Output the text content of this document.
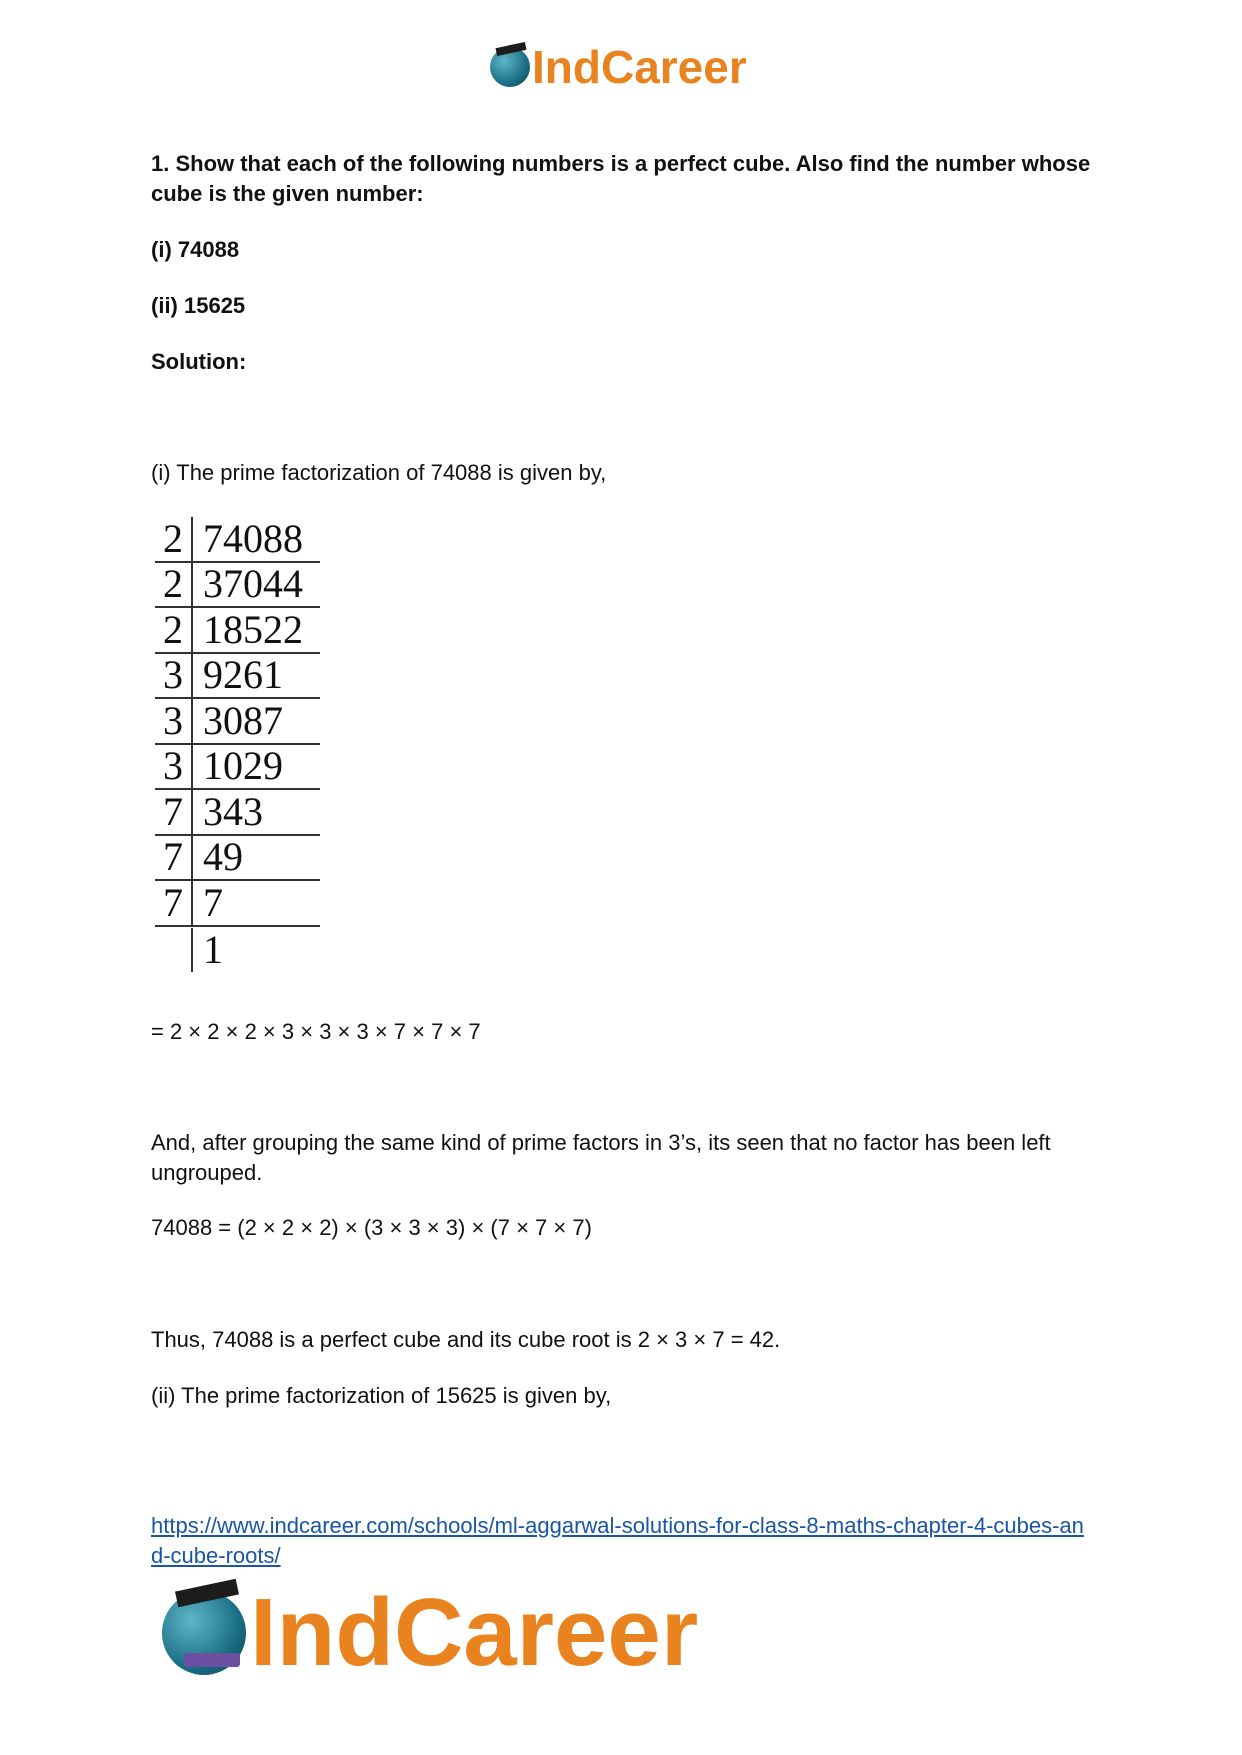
IndCareer

1. Show that each of the following numbers is a perfect cube. Also find the number whose cube is the given number:

(i) 74088

(ii) 15625

Solution:

(i) The prime factorization of 74088 is given by,

2 74088
2 37044
2 18522
3 9261
3 3087
3 1029
7 343
7 49
7 7
1

= 2 × 2 × 2 × 3 × 3 × 3 × 7 × 7 × 7

And, after grouping the same kind of prime factors in 3’s, its seen that no factor has been left ungrouped.

74088 = (2 × 2 × 2) × (3 × 3 × 3) × (7 × 7 × 7)

Thus, 74088 is a perfect cube and its cube root is 2 × 3 × 7 = 42.

(ii) The prime factorization of 15625 is given by,

https://www.indcareer.com/schools/ml-aggarwal-solutions-for-class-8-maths-chapter-4-cubes-and-cube-roots/

IndCareer
